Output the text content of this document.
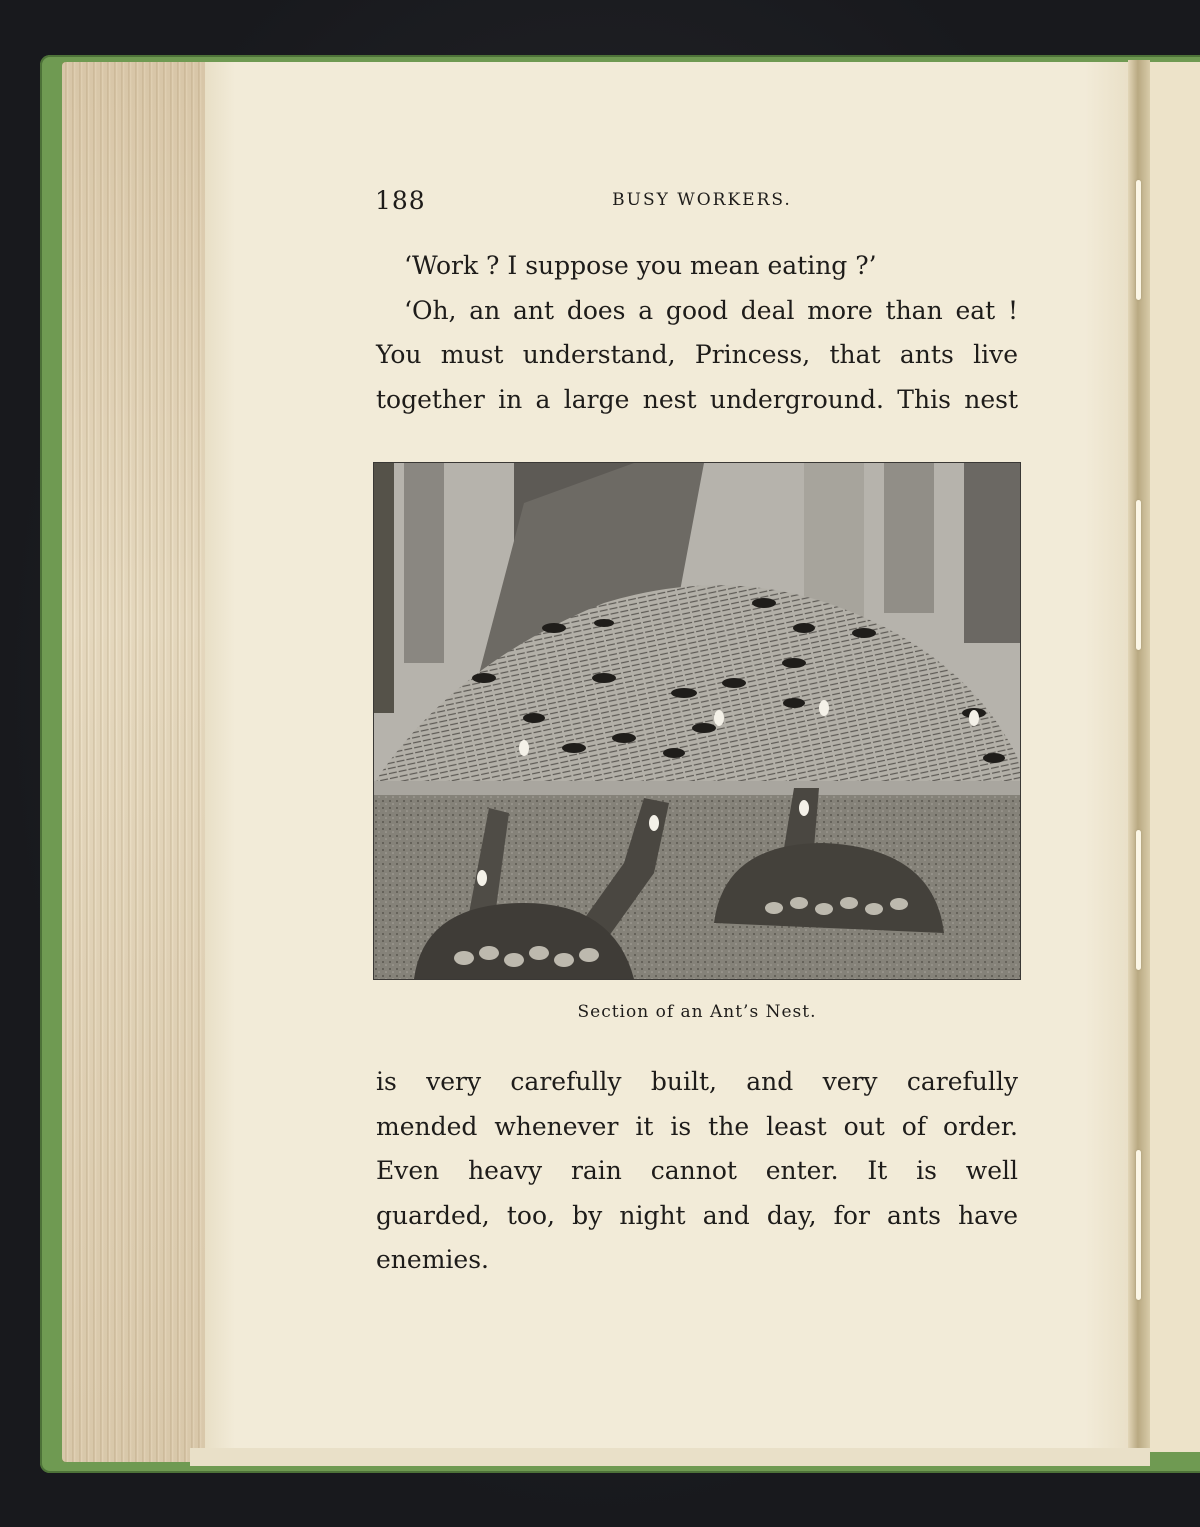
188	BUSY WORKERS.
‘Work ? I suppose you mean eating ?’
‘Oh, an ant does a good deal more than eat !
You must understand, Princess, that ants live
together in a large nest underground. This nest
Section of an Ant’s Nest.
is very carefully built, and very carefully
mended whenever it is the least out of order.
Even heavy rain cannot enter. It is well
guarded, too, by night and day, for ants have
enemies.
